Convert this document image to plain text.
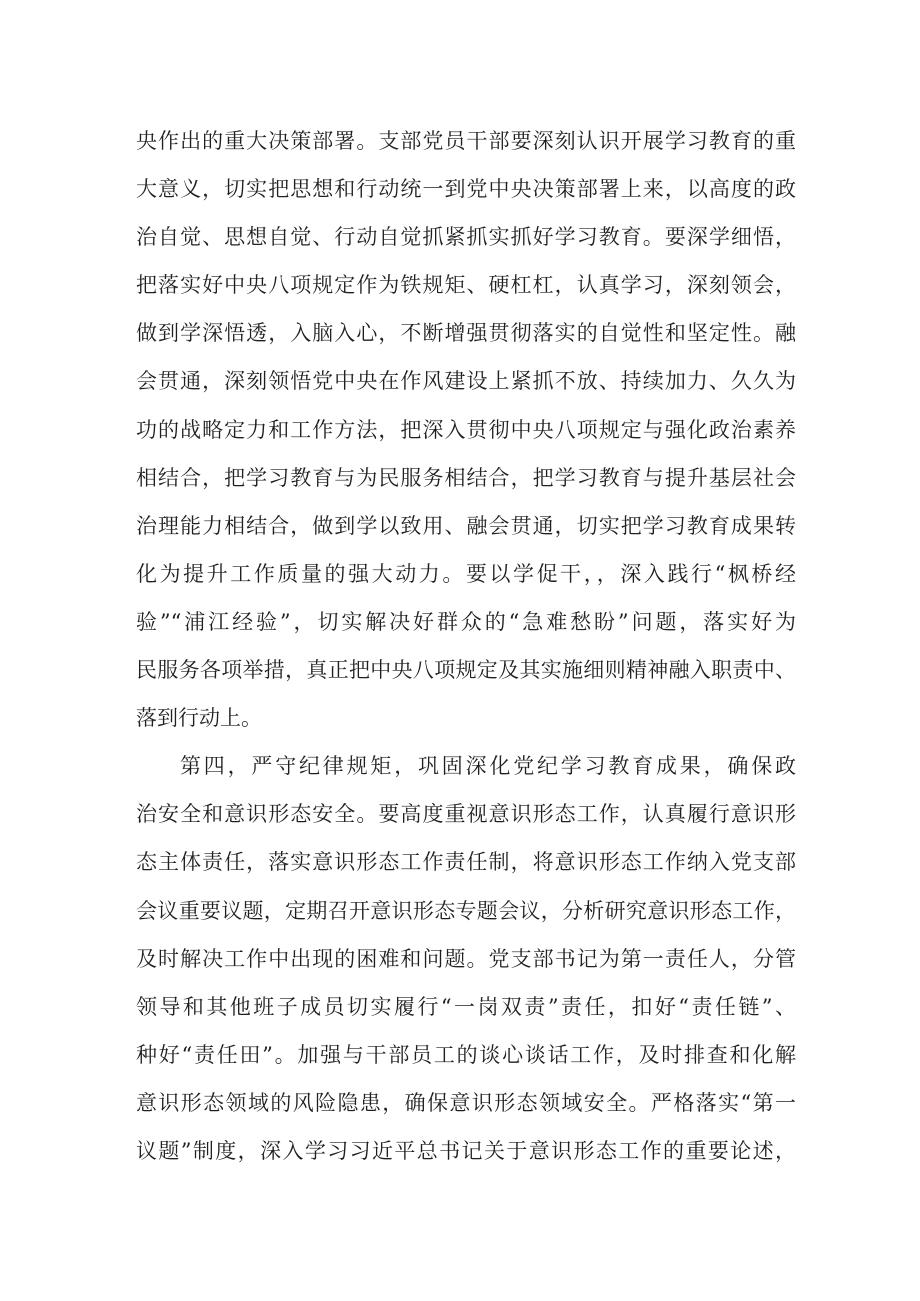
央作出的重大决策部署。支部党员干部要深刻认识开展学习教育的重
大意义，切实把思想和行动统一到党中央决策部署上来，以高度的政
治自觉、思想自觉、行动自觉抓紧抓实抓好学习教育。要深学细悟，
把落实好中央八项规定作为铁规矩、硬杠杠，认真学习，深刻领会，
做到学深悟透，入脑入心，不断增强贯彻落实的自觉性和坚定性。融
会贯通，深刻领悟党中央在作风建设上紧抓不放、持续加力、久久为
功的战略定力和工作方法，把深入贯彻中央八项规定与强化政治素养
相结合，把学习教育与为民服务相结合，把学习教育与提升基层社会
治理能力相结合，做到学以致用、融会贯通，切实把学习教育成果转
化为提升工作质量的强大动力。要以学促干，，深入践行“枫桥经
验”“浦江经验”，切实解决好群众的“急难愁盼”问题，落实好为
民服务各项举措，真正把中央八项规定及其实施细则精神融入职责中、
落到行动上。

第四，严守纪律规矩，巩固深化党纪学习教育成果，确保政
治安全和意识形态安全。要高度重视意识形态工作，认真履行意识形
态主体责任，落实意识形态工作责任制，将意识形态工作纳入党支部
会议重要议题，定期召开意识形态专题会议，分析研究意识形态工作，
及时解决工作中出现的困难和问题。党支部书记为第一责任人，分管
领导和其他班子成员切实履行“一岗双责”责任，扣好“责任链”、
种好“责任田”。加强与干部员工的谈心谈话工作，及时排查和化解
意识形态领域的风险隐患，确保意识形态领域安全。严格落实“第一
议题”制度，深入学习习近平总书记关于意识形态工作的重要论述，
